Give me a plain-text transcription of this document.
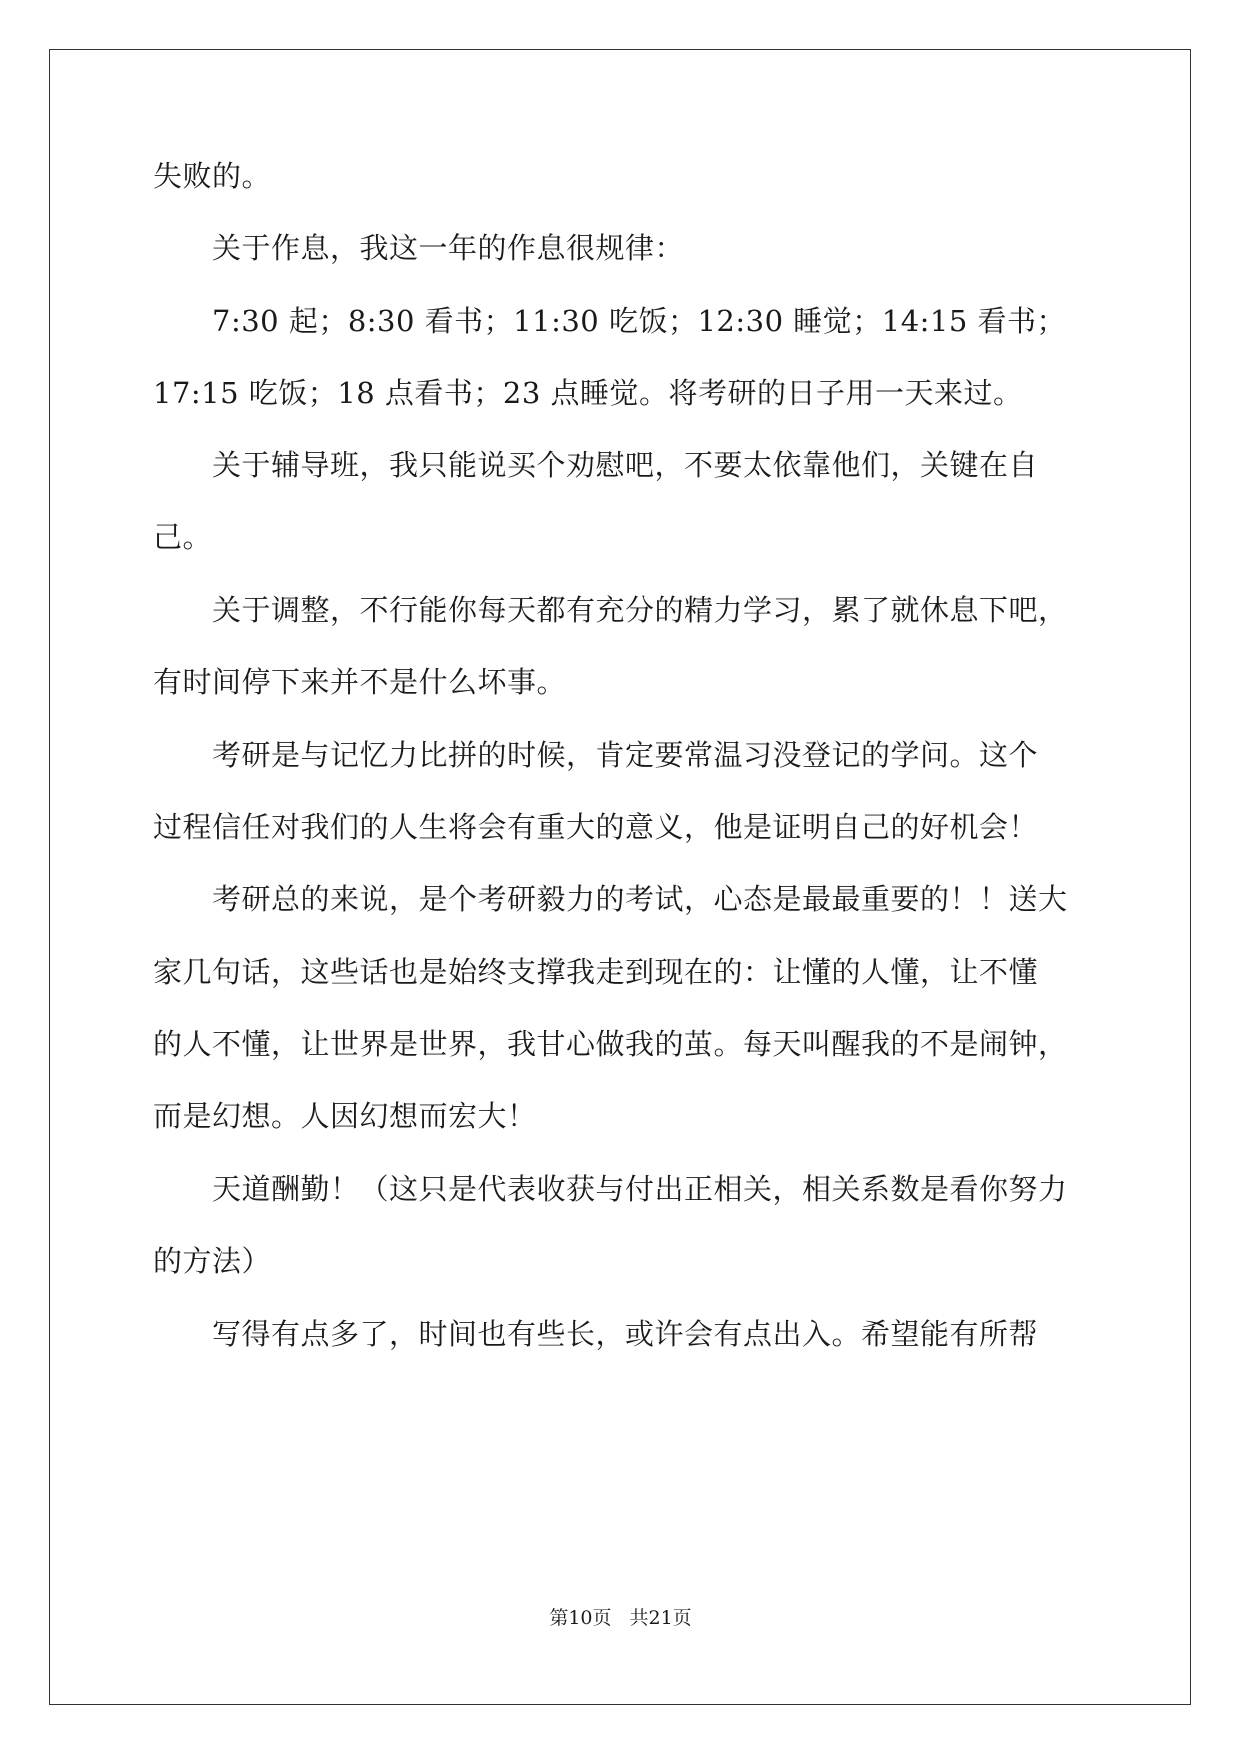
失败的。

　　关于作息，我这一年的作息很规律：

　　7:30 起；8:30 看书；11:30 吃饭；12:30 睡觉；14:15 看书；

17:15 吃饭；18 点看书；23 点睡觉。将考研的日子用一天来过。

　　关于辅导班，我只能说买个劝慰吧，不要太依靠他们，关键在自

己。

　　关于调整，不行能你每天都有充分的精力学习，累了就休息下吧，

有时间停下来并不是什么坏事。

　　考研是与记忆力比拼的时候，肯定要常温习没登记的学问。这个

过程信任对我们的人生将会有重大的意义，他是证明自己的好机会！

　　考研总的来说，是个考研毅力的考试，心态是最最重要的！！送大

家几句话，这些话也是始终支撑我走到现在的：让懂的人懂，让不懂

的人不懂，让世界是世界，我甘心做我的茧。每天叫醒我的不是闹钟，

而是幻想。人因幻想而宏大！

　　天道酬勤！（这只是代表收获与付出正相关，相关系数是看你努力

的方法）

　　写得有点多了，时间也有些长，或许会有点出入。希望能有所帮

第10页 共21页
